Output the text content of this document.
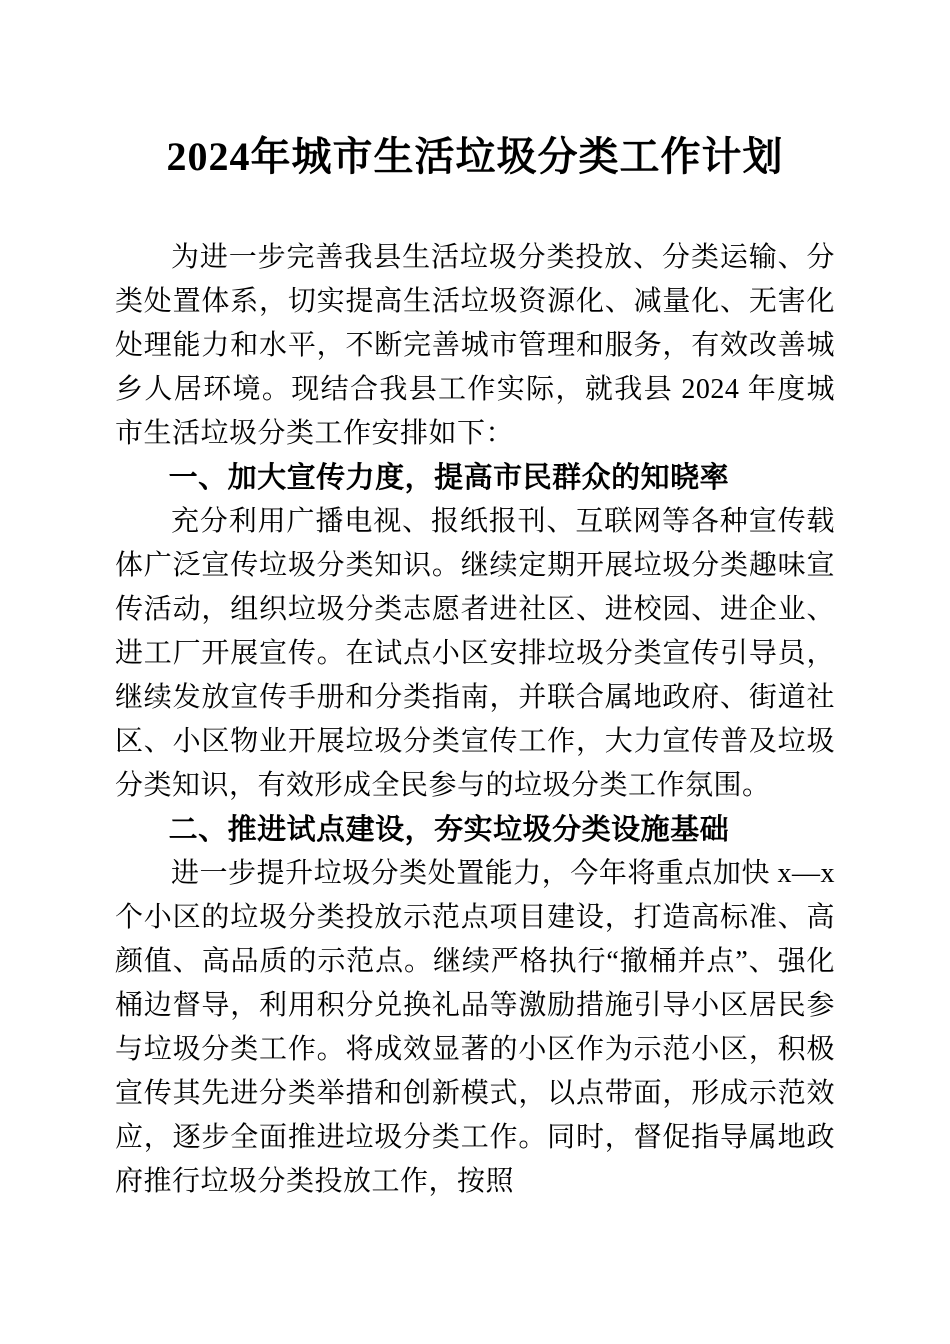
2024年城市生活垃圾分类工作计划

为进一步完善我县生活垃圾分类投放、分类运输、分类处置体系，切实提高生活垃圾资源化、减量化、无害化处理能力和水平，不断完善城市管理和服务，有效改善城乡人居环境。现结合我县工作实际，就我县 2024 年度城市生活垃圾分类工作安排如下：

一、加大宣传力度，提高市民群众的知晓率

充分利用广播电视、报纸报刊、互联网等各种宣传载体广泛宣传垃圾分类知识。继续定期开展垃圾分类趣味宣传活动，组织垃圾分类志愿者进社区、进校园、进企业、进工厂开展宣传。在试点小区安排垃圾分类宣传引导员，继续发放宣传手册和分类指南，并联合属地政府、街道社区、小区物业开展垃圾分类宣传工作，大力宣传普及垃圾分类知识，有效形成全民参与的垃圾分类工作氛围。

二、推进试点建设，夯实垃圾分类设施基础

进一步提升垃圾分类处置能力，今年将重点加快 x—x 个小区的垃圾分类投放示范点项目建设，打造高标准、高颜值、高品质的示范点。继续严格执行“撤桶并点”、强化桶边督导，利用积分兑换礼品等激励措施引导小区居民参与垃圾分类工作。将成效显著的小区作为示范小区，积极宣传其先进分类举措和创新模式，以点带面，形成示范效应，逐步全面推进垃圾分类工作。同时，督促指导属地政府推行垃圾分类投放工作，按照
